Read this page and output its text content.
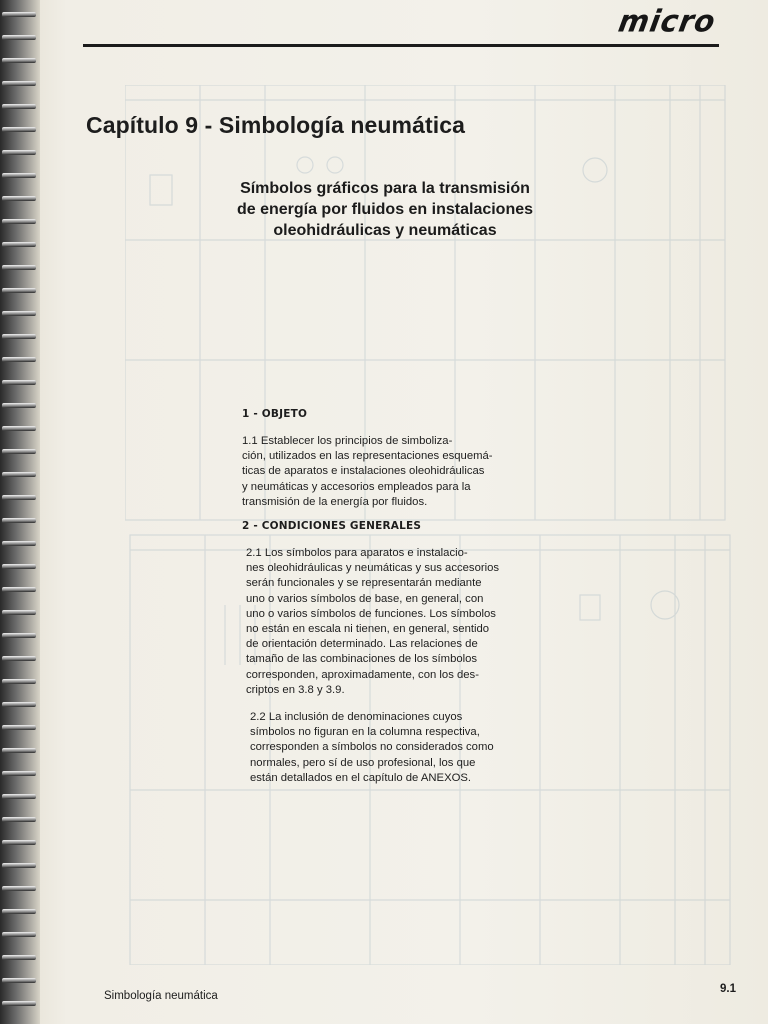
micro
Capítulo 9 - Simbología neumática
Símbolos gráficos para la transmisión
de energía por fluidos en instalaciones
oleohidráulicas y neumáticas
1 - OBJETO
1.1 Establecer los principios de simboliza-
ción, utilizados en las representaciones esquemá-
ticas de aparatos e instalaciones oleohidráulicas
y neumáticas y accesorios empleados para la
transmisión de la energía por fluidos.
2 - CONDICIONES GENERALES
2.1 Los símbolos para aparatos e instalacio-
nes oleohidráulicas y neumáticas y sus accesorios
serán funcionales y se representarán mediante
uno o varios símbolos de base, en general, con
uno o varios símbolos de funciones. Los símbolos
no están en escala ni tienen, en general, sentido
de orientación determinado. Las relaciones de
tamaño de las combinaciones de los símbolos
corresponden, aproximadamente, con los des-
criptos en 3.8 y 3.9.
2.2 La inclusión de denominaciones cuyos
símbolos no figuran en la columna respectiva,
corresponden a símbolos no considerados como
normales, pero sí de uso profesional, los que
están detallados en el capítulo de ANEXOS.
Simbología neumática
9.1
